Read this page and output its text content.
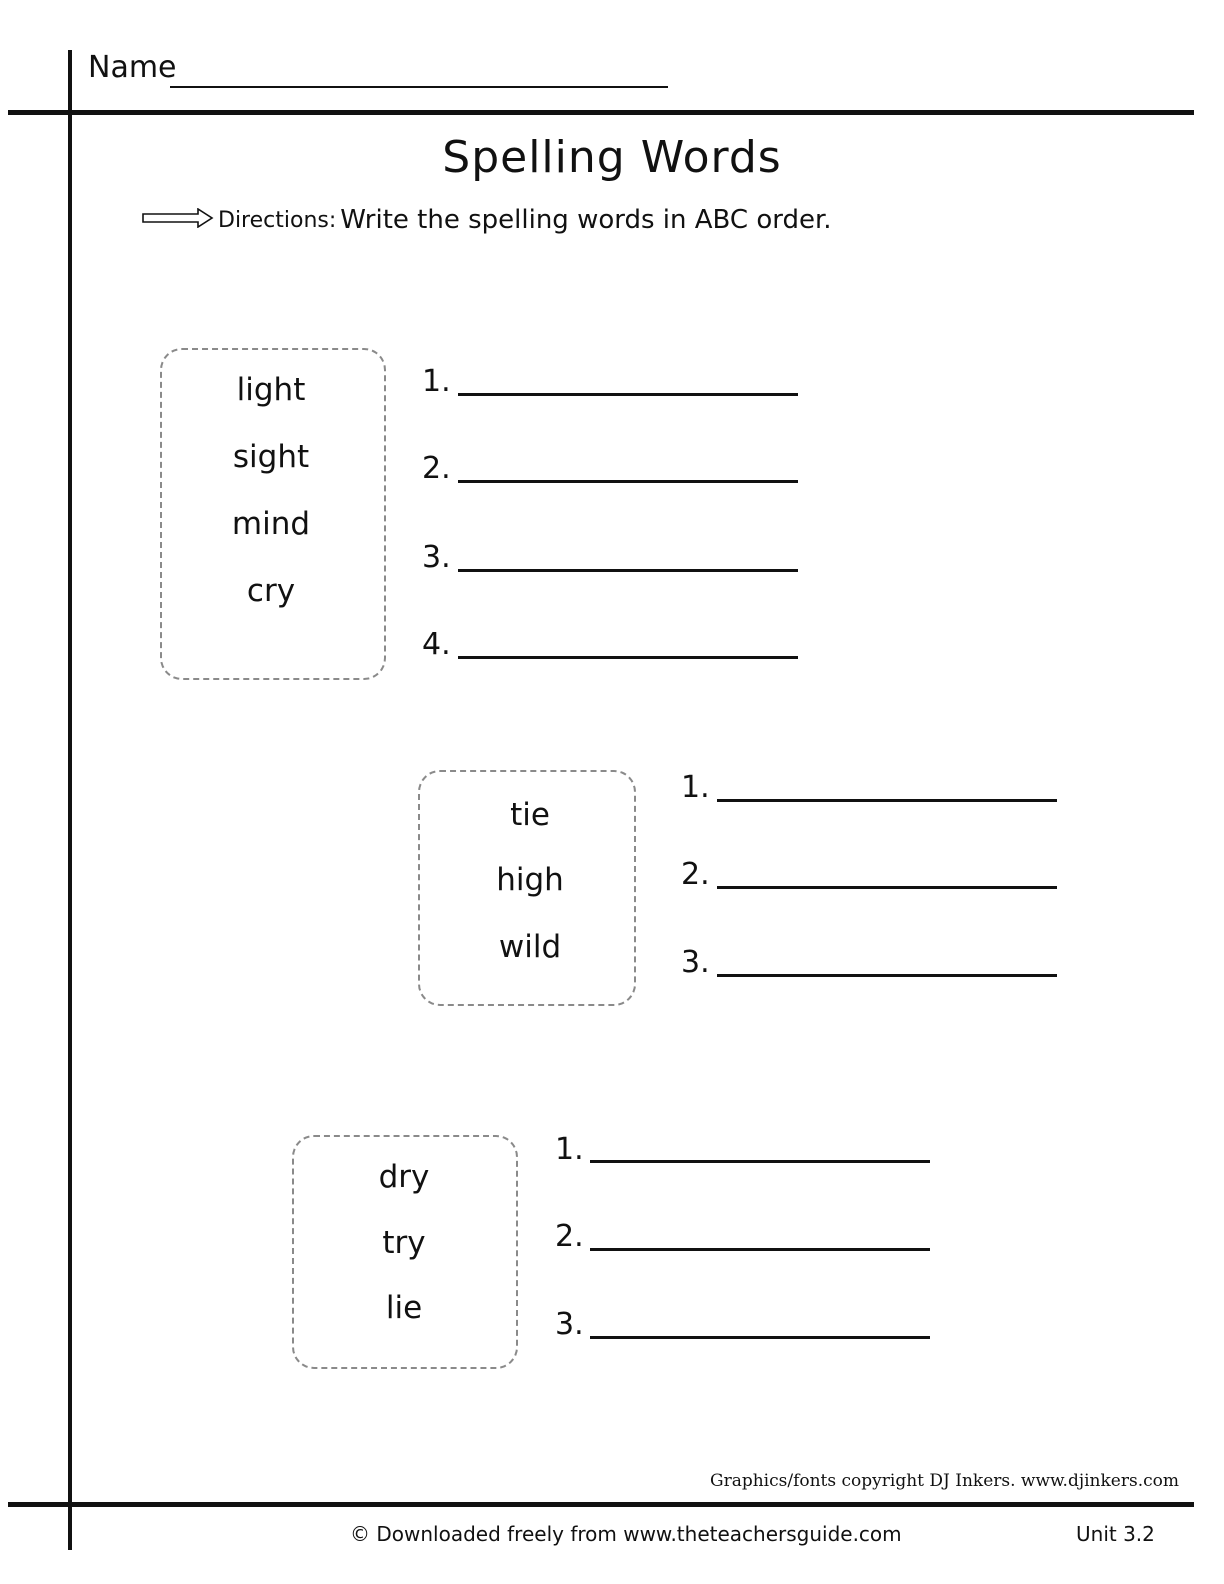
Name
Spelling Words
Directions: Write the spelling words in ABC order.
light
sight
mind
cry
1.
2.
3.
4.
tie
high
wild
1.
2.
3.
dry
try
lie
1.
2.
3.
Graphics/fonts copyright DJ Inkers. www.djinkers.com
© Downloaded freely from www.theteachersguide.com	Unit 3.2
